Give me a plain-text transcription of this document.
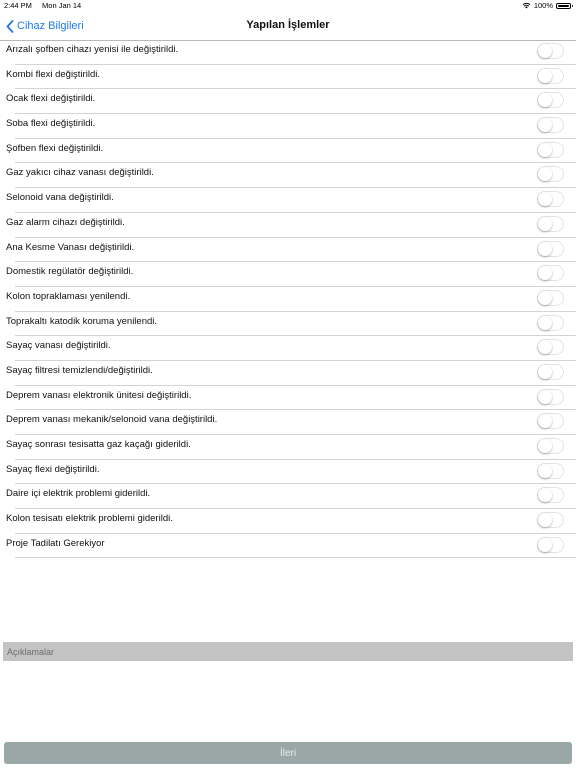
2:44 PM Mon Jan 14	100%
Cihaz Bilgileri	Yapılan İşlemler
Arızalı şofben cihazı yenisi ile değiştirildi.
Kombi flexi değiştirildi.
Ocak flexi değiştirildi.
Soba flexi değiştirildi.
Şofben flexi değiştirildi.
Gaz yakıcı cihaz vanası değiştirildi.
Selonoid vana değiştirildi.
Gaz alarm cihazı değiştirildi.
Ana Kesme Vanası değiştirildi.
Domestik regülatör değiştirildi.
Kolon topraklaması yenilendi.
Toprakaltı katodik koruma yenilendi.
Sayaç vanası değiştirildi.
Sayaç filtresi temizlendi/değiştirildi.
Deprem vanası elektronik ünitesi değiştirildi.
Deprem vanası mekanik/selonoid vana değiştirildi.
Sayaç sonrası tesisatta gaz kaçağı giderildi.
Sayaç flexi değiştirildi.
Daire içi elektrik problemi giderildi.
Kolon tesisatı elektrik problemi giderildi.
Proje Tadilatı Gerekiyor
Açıklamalar
İleri
